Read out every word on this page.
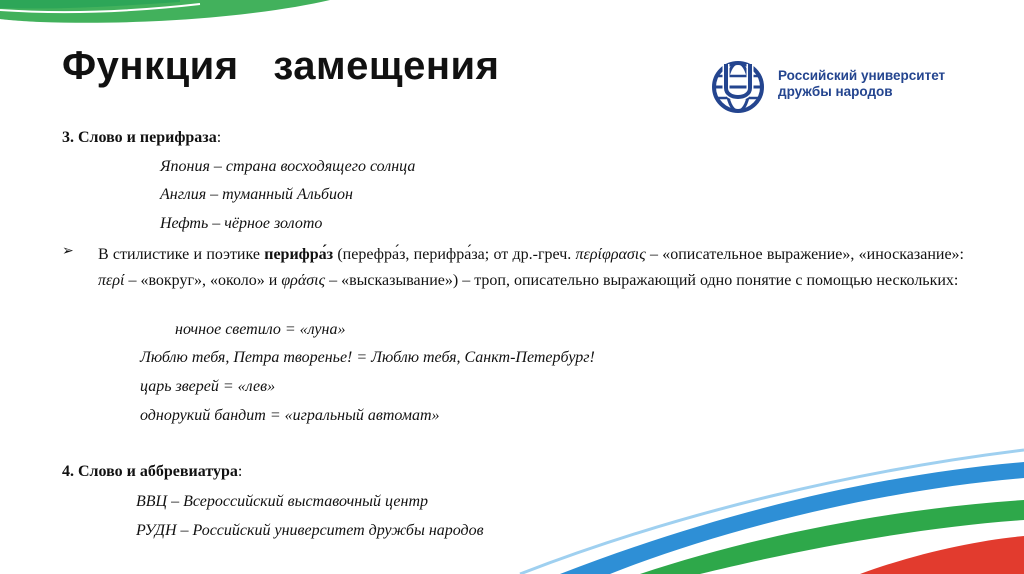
Функция   замещения	Российский университет
дружбы народов
3. Слово и перифраза:
Япония – страна восходящего солнца
Англия – туманный Альбион
Нефть – чёрное золото
➢ В стилистике и поэтике перифра́з (перефра́з, перифра́за; от др.-греч. περίφρασις – «описательное выражение», «иносказание»: περί – «вокруг», «около» и φράσις – «высказывание») – троп, описательно выражающий одно понятие с помощью нескольких:
ночное светило = «луна»
Люблю тебя, Петра творенье! = Люблю тебя, Санкт-Петербург!
царь зверей = «лев»
однорукий бандит = «игральный автомат»
4. Слово и аббревиатура:
ВВЦ – Всероссийский выставочный центр
РУДН – Российский университет дружбы народов
